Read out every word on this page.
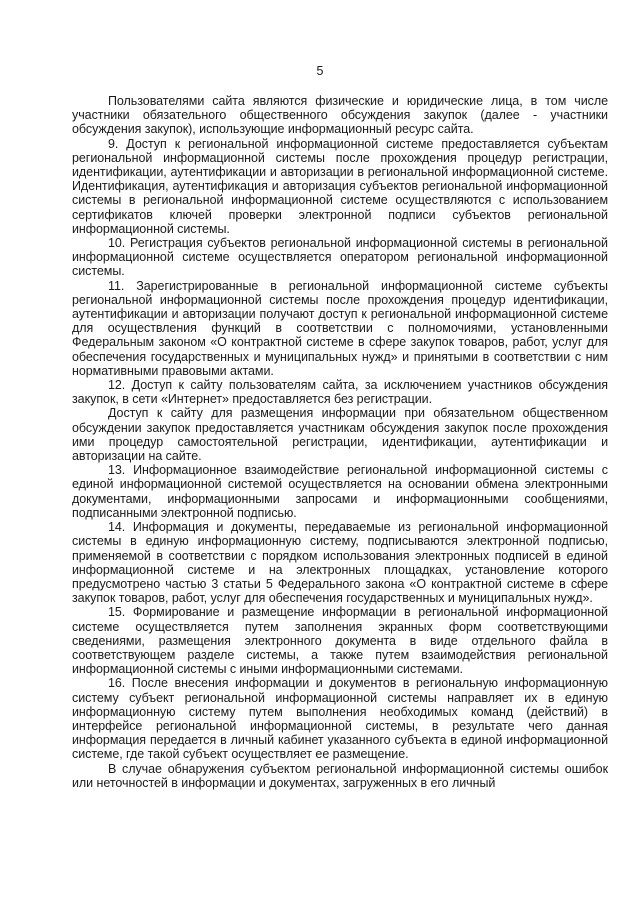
5

Пользователями сайта являются физические и юридические лица, в том числе участники обязательного общественного обсуждения закупок (далее - участники обсуждения закупок), использующие информационный ресурс сайта.

9. Доступ к региональной информационной системе предоставляется субъектам региональной информационной системы после прохождения процедур регистрации, идентификации, аутентификации и авторизации в региональной информационной системе. Идентификация, аутентификация и авторизация субъектов региональной информационной системы в региональной информационной системе осуществляются с использованием сертификатов ключей проверки электронной подписи субъектов региональной информационной системы.

10. Регистрация субъектов региональной информационной системы в региональной информационной системе осуществляется оператором региональной информационной системы.

11. Зарегистрированные в региональной информационной системе субъекты региональной информационной системы после прохождения процедур идентификации, аутентификации и авторизации получают доступ к региональной информационной системе для осуществления функций в соответствии с полномочиями, установленными Федеральным законом «О контрактной системе в сфере закупок товаров, работ, услуг для обеспечения государственных и муниципальных нужд» и принятыми в соответствии с ним нормативными правовыми актами.

12. Доступ к сайту пользователям сайта, за исключением участников обсуждения закупок, в сети «Интернет» предоставляется без регистрации.

Доступ к сайту для размещения информации при обязательном общественном обсуждении закупок предоставляется участникам обсуждения закупок после прохождения ими процедур самостоятельной регистрации, идентификации, аутентификации и авторизации на сайте.

13. Информационное взаимодействие региональной информационной системы с единой информационной системой осуществляется на основании обмена электронными документами, информационными запросами и информационными сообщениями, подписанными электронной подписью.

14. Информация и документы, передаваемые из региональной информационной системы в единую информационную систему, подписываются электронной подписью, применяемой в соответствии с порядком использования электронных подписей в единой информационной системе и на электронных площадках, установление которого предусмотрено частью 3 статьи 5 Федерального закона «О контрактной системе в сфере закупок товаров, работ, услуг для обеспечения государственных и муниципальных нужд».

15. Формирование и размещение информации в региональной информационной системе осуществляется путем заполнения экранных форм соответствующими сведениями, размещения электронного документа в виде отдельного файла в соответствующем разделе системы, а также путем взаимодействия региональной информационной системы с иными информационными системами.

16. После внесения информации и документов в региональную информационную систему субъект региональной информационной системы направляет их в единую информационную систему путем выполнения необходимых команд (действий) в интерфейсе региональной информационной системы, в результате чего данная информация передается в личный кабинет указанного субъекта в единой информационной системе, где такой субъект осуществляет ее размещение.

В случае обнаружения субъектом региональной информационной системы ошибок или неточностей в информации и документах, загруженных в его личный
